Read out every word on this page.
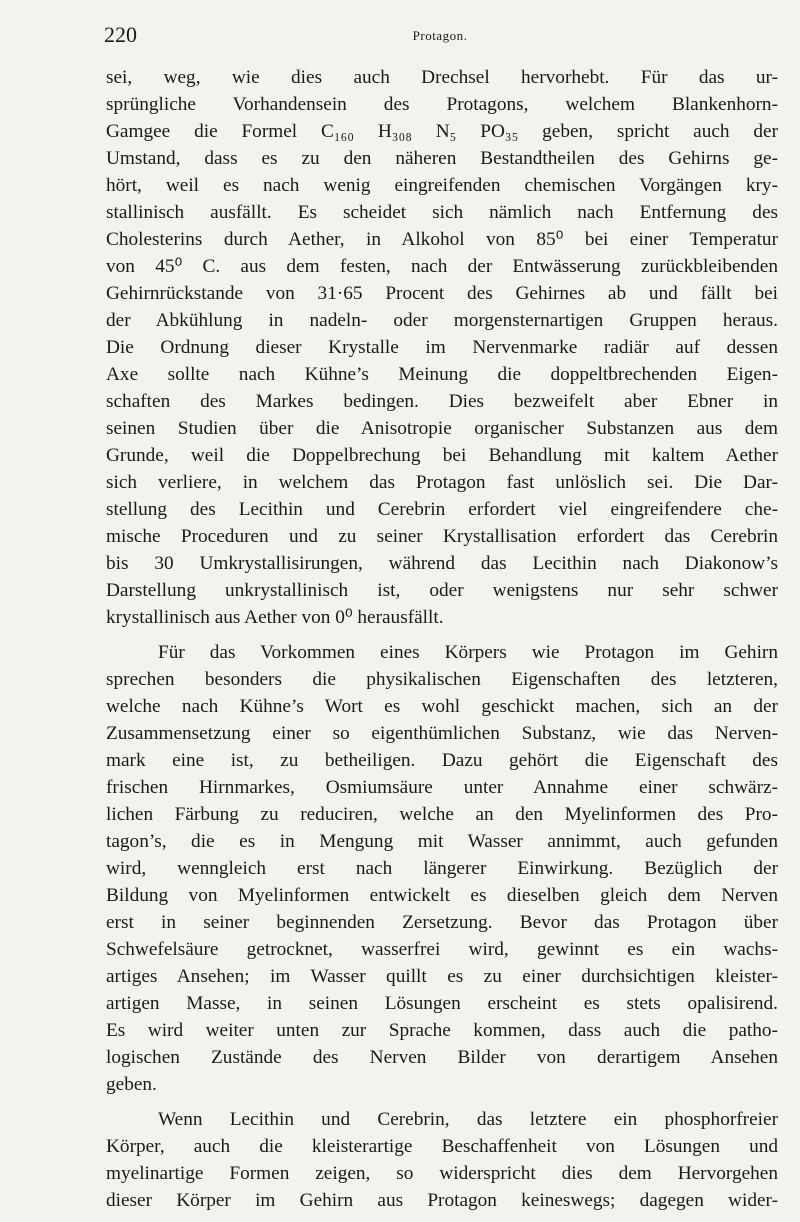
220	Protagon.
sei, weg, wie dies auch Drechsel hervorhebt. Für das ur-
sprüngliche Vorhandensein des Protagons, welchem Blankenhorn-
Gamgee die Formel C₁₆₀ H₃₀₈ N₅ PO₃₅ geben, spricht auch der
Umstand, dass es zu den näheren Bestandtheilen des Gehirns ge-
hört, weil es nach wenig eingreifenden chemischen Vorgängen kry-
stallinisch ausfällt. Es scheidet sich nämlich nach Entfernung des
Cholesterins durch Aether, in Alkohol von 85⁰ bei einer Temperatur
von 45⁰ C. aus dem festen, nach der Entwässerung zurückbleibenden
Gehirnrückstande von 31·65 Procent des Gehirnes ab und fällt bei
der Abkühlung in nadeln- oder morgensternartigen Gruppen heraus.
Die Ordnung dieser Krystalle im Nervenmarke radiär auf dessen
Axe sollte nach Kühne’s Meinung die doppeltbrechenden Eigen-
schaften des Markes bedingen. Dies bezweifelt aber Ebner in
seinen Studien über die Anisotropie organischer Substanzen aus dem
Grunde, weil die Doppelbrechung bei Behandlung mit kaltem Aether
sich verliere, in welchem das Protagon fast unlöslich sei. Die Dar-
stellung des Lecithin und Cerebrin erfordert viel eingreifendere che-
mische Proceduren und zu seiner Krystallisation erfordert das Cerebrin
bis 30 Umkrystallisirungen, während das Lecithin nach Diakonow’s
Darstellung unkrystallinisch ist, oder wenigstens nur sehr schwer
krystallinisch aus Aether von 0⁰ herausfällt.
Für das Vorkommen eines Körpers wie Protagon im Gehirn
sprechen besonders die physikalischen Eigenschaften des letzteren,
welche nach Kühne’s Wort es wohl geschickt machen, sich an der
Zusammensetzung einer so eigenthümlichen Substanz, wie das Nerven-
mark eine ist, zu betheiligen. Dazu gehört die Eigenschaft des
frischen Hirnmarkes, Osmiumsäure unter Annahme einer schwärz-
lichen Färbung zu reduciren, welche an den Myelinformen des Pro-
tagon’s, die es in Mengung mit Wasser annimmt, auch gefunden
wird, wenngleich erst nach längerer Einwirkung. Bezüglich der
Bildung von Myelinformen entwickelt es dieselben gleich dem Nerven
erst in seiner beginnenden Zersetzung. Bevor das Protagon über
Schwefelsäure getrocknet, wasserfrei wird, gewinnt es ein wachs-
artiges Ansehen; im Wasser quillt es zu einer durchsichtigen kleister-
artigen Masse, in seinen Lösungen erscheint es stets opalisirend.
Es wird weiter unten zur Sprache kommen, dass auch die patho-
logischen Zustände des Nerven Bilder von derartigem Ansehen
geben.
Wenn Lecithin und Cerebrin, das letztere ein phosphorfreier
Körper, auch die kleisterartige Beschaffenheit von Lösungen und
myelinartige Formen zeigen, so widerspricht dies dem Hervorgehen
dieser Körper im Gehirn aus Protagon keineswegs; dagegen wider-
